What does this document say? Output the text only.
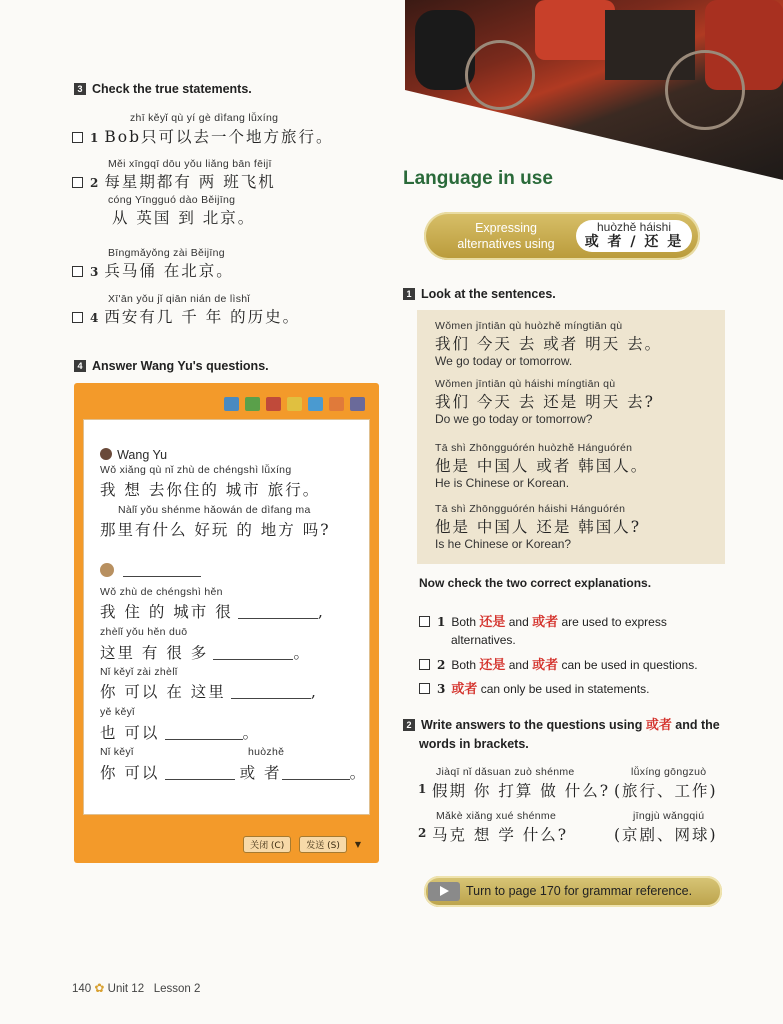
3 Check the true statements.
zhī kěyǐ qù yí gè dìfang lǚxíng
1 Bob只可以去一个地方旅行。
Měi xīngqī dōu yǒu liǎng bān fēijī
2 每星期都有 两 班飞机
cóng Yīngguó dào Běijīng
从 英国 到 北京。
Bīngmǎyǒng zài Běijīng
3 兵马俑 在北京。
Xī'ān yǒu jǐ qiān nián de lìshǐ
4 西安有几 千 年 的历史。
4 Answer Wang Yu's questions.
Wang Yu
Wǒ xiǎng qù nǐ zhù de chéngshì lǚxíng
我 想 去你住的 城市 旅行。
Nàlǐ yǒu shénme hǎowán de dìfang ma
那里有什么 好玩 的 地方 吗?

Wǒ zhù de chéngshì hěn
我 住 的 城市 很	,
zhèlǐ yǒu hěn duō
这里 有 很 多	。
Nǐ kěyǐ zài zhèlǐ
你 可以 在 这里	,
yě kěyǐ
也 可以	。
Nǐ kěyǐ	huòzhě
你 可以	或 者	。
关闭 (C)	发送 (S)	▼
Language in use
Expressing
alternatives using
huòzhě háishi
或 者 / 还 是
1 Look at the sentences.
Wǒmen jīntiān qù huòzhě míngtiān qù
我们 今天 去 或者 明天 去。
We go today or tomorrow.
Wǒmen jīntiān qù háishi míngtiān qù
我们 今天 去 还是 明天 去?
Do we go today or tomorrow?
Tā shì Zhōngguórén huòzhě Hánguórén
他是 中国人 或者 韩国人。
He is Chinese or Korean.
Tā shì Zhōngguórén háishi Hánguórén
他是 中国人 还是 韩国人?
Is he Chinese or Korean?
Now check the two correct explanations.
1 Both 还是 and 或者 are used to express
alternatives.
2 Both 还是 and 或者 can be used in questions.
3 或者 can only be used in statements.
2 Write answers to the questions using 或者 and the
words in brackets.
Jiàqī nǐ dǎsuan zuò shénme	lǚxíng gōngzuò
1 假期 你 打算 做 什么? (旅行、工作)
Mǎkè xiǎng xué shénme	jīngjù wǎngqiú
2 马克 想 学 什么?	(京剧、网球)
Turn to page 170 for grammar reference.
140 ✿ Unit 12 Lesson 2
